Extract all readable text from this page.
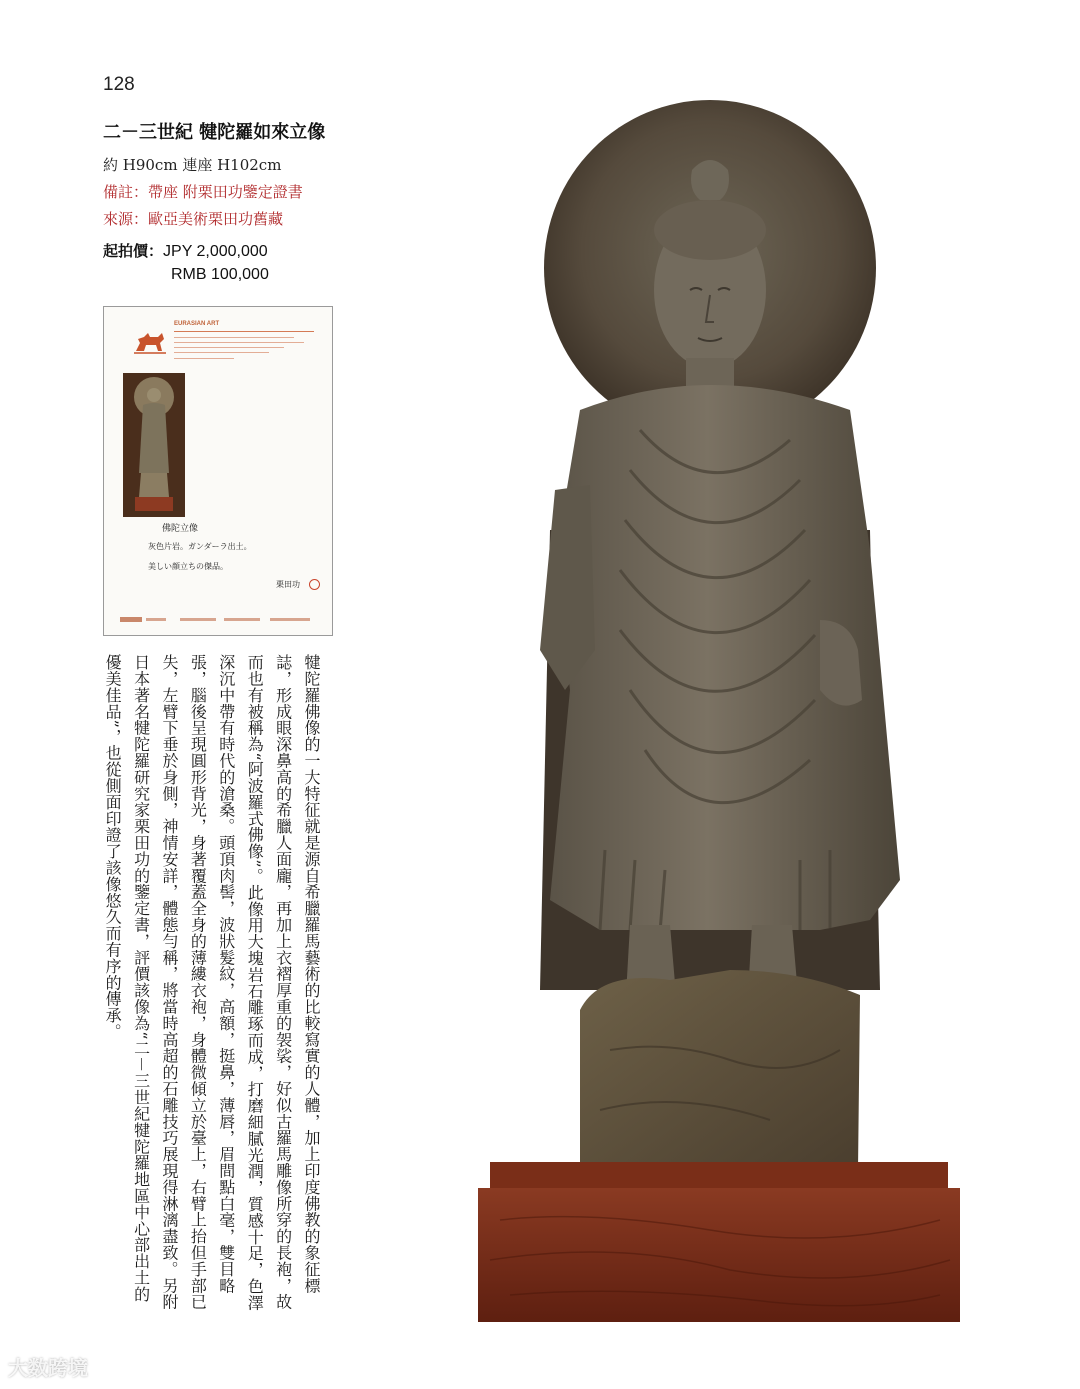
128
二－三世紀 犍陀羅如來立像
約 H90cm 連座 H102cm
備註：帶座 附栗田功鑒定證書
來源：歐亞美術栗田功舊藏
起拍價：JPY 2,000,000
RMB 100,000
EURASIAN ART
佛陀立像
灰色片岩。ガンダーラ出土。
美しい顔立ちの傑品。
栗田功
犍陀羅佛像的一大特征就是源自希臘羅馬藝術的比較寫實的人體，加上印度佛教的象征標誌，形成眼深鼻高的希臘人面龐，再加上衣褶厚重的袈裟，好似古羅馬雕像所穿的長袍，故而也有被稱為“阿波羅式佛像”。此像用大塊岩石雕琢而成，打磨細膩光潤，質感十足，色澤深沉中帶有時代的滄桑。頭頂肉髻，波狀髮紋，高額，挺鼻，薄唇，眉間點白毫，雙目略張，腦後呈現圓形背光，身著覆蓋全身的薄縷衣袍，身體微傾立於臺上，右臂上抬但手部已失，左臂下垂於身側，神情安詳，體態勻稱，將當時高超的石雕技巧展現得淋漓盡致。另附日本著名犍陀羅研究家栗田功的鑒定書，評價該像為“二－三世紀犍陀羅地區中心部出土的優美佳品”，也從側面印證了該像悠久而有序的傳承。
大数跨境
